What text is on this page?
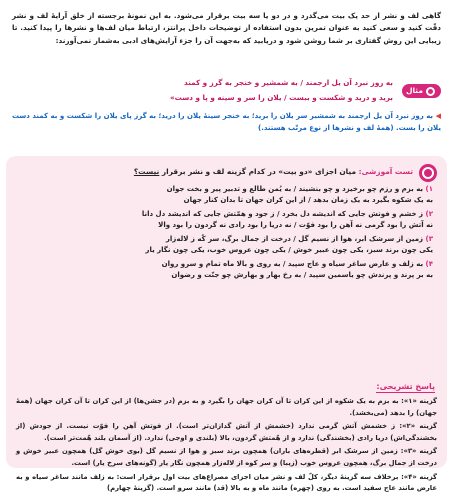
گاهی لف و نشر از حد یک بیت می‌گذرد و در دو یا سه بیت برقرار می‌شود. به این نمونهٔ برجسته از خلق آرایهٔ لف و نشر دقّت کنید و سعی کنید به عنوان تمرین بدون استفاده از توضیحات داخل پرانتز، ارتباط میان لف‌ها و نشرها را پیدا کنید. تا زیبایی این روش گفتاری بر شما روشن شود و دریابید که به‌جهت آن را جزء آرایش‌های ادبی به‌شمار نمی‌آورند:

مثال
به روز نبرد آن یل ارجمند / به شمشیر و خنجر به گرز و کمند
برید و درید و شکست و ببست / یلان را سر و سینه و پا و دست»
◀ به روز نبرد آن یل ارجمند به شمشیر سر یلان را برید؛ به خنجر سینهٔ یلان را درید؛ به گرز پای یلان را شکست و به کمند دست یلان را بست. (همهٔ لف و نشرها از نوع مرتّب هستند.)
تست آموزشی: میان اجزای «دو بیت» در کدام گزینه لف و نشر برقرار نیست؟
۱) به بزم و رزم چو برخیزد و چو بنشیند / به یُمن طالع و تدبیر پیر و بخت جوان
به یک شکوه بگیرد به یک زمان بدهد / از این کران جهان تا بدان کنار جهان
۲) ز خشم و فوتش جایی که اندیشه دل بخرد / ز جود و همّتش جایی که اندیشد دل دانا
نه آتش را بود گرمی نه آهن را بود فوّت / نه دریا را بود رادی نه گردون را بود والا
۳) زمین از سرشک ابر، هوا از نسیم گل / درخت از جمال برگ، سر کُه ز لاله‌زار
یکی چون برند سبز، یکی چون عبیر خوش / یکی چون عروس خوب، یکی چون نگار یار
۴) به زلف و عارض ساغر سیاه و عاج سپید / به روی و بالا ماه تمام و سرو روان
به بر پرند و پرندش چو یاسمین سپید / به رخ بهار و بهارش چو جنّت و رضوان
پاسخ تشریحی:

گزینه «۱»: به بزم به یک شکوه از این کران تا آن کران جهان را بگیرد و به بزم (در جشن‌ها) از این کران تا آن کران جهان (همهٔ جهان) را بدهد (می‌بخشد).

گزینه «۲»: ز خشمش آتش گرمی ندارد (خشمش از آتش گدازان‌تر است). از فوتش آهن را فوّت نیست. از جودش (از بخشندگی‌اش) دریا رادی (بخشندگی) ندارد و از هّمتش گردون، بالا (بلندی و اوجی) ندارد. (از آسمان بلند هّمت‌تر است).

گزینه «۳»: زمین از سرشک ابر (قطره‌های باران) همچون برند سبز و هوا از نسیم گل (بوی خوش گل) همچون عبیر خوش و درخت از جمال برگ، همچون عروس خوب (زیبا) و سر کوه از لاله‌زار همچون نگار یار (گونه‌های سرخ یار) است.

گزینه «۴»: برخلاف سه گزینهٔ دیگر، کلّ لف و نشر میان اجزای مصراع‌های بیت اول برقرار است: به زلف مانند ساغر سیاه و به عارض مانند عاج سفید است. به روی (چهره) مانند ماه و به بالا (قد) مانند سرو است. (گزینهٔ چهارم)
